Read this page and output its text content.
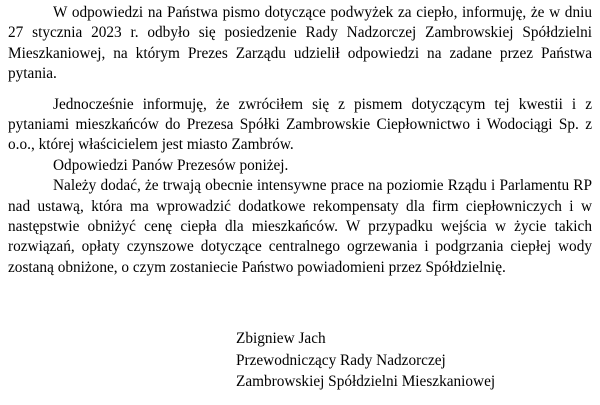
W odpowiedzi na Państwa pismo dotyczące podwyżek za ciepło, informuję, że w dniu 27 stycznia 2023 r. odbyło się posiedzenie Rady Nadzorczej Zambrowskiej Spółdzielni Mieszkaniowej, na którym Prezes Zarządu udzielił odpowiedzi na zadane przez Państwa pytania.

Jednocześnie informuję, że zwróciłem się z pismem dotyczącym tej kwestii i z pytaniami mieszkańców do Prezesa Spółki Zambrowskie Ciepłownictwo i Wodociągi Sp. z o.o., której właścicielem jest miasto Zambrów.

Odpowiedzi Panów Prezesów poniżej.

Należy dodać, że trwają obecnie intensywne prace na poziomie Rządu i Parlamentu RP nad ustawą, która ma wprowadzić dodatkowe rekompensaty dla firm ciepłowniczych i w następstwie obniżyć cenę ciepła dla mieszkańców. W przypadku wejścia w życie takich rozwiązań, opłaty czynszowe dotyczące centralnego ogrzewania i podgrzania ciepłej wody zostaną obniżone, o czym zostaniecie Państwo powiadomieni przez Spółdzielnię.

Zbigniew Jach
Przewodniczący Rady Nadzorczej
Zambrowskiej Spółdzielni Mieszkaniowej
